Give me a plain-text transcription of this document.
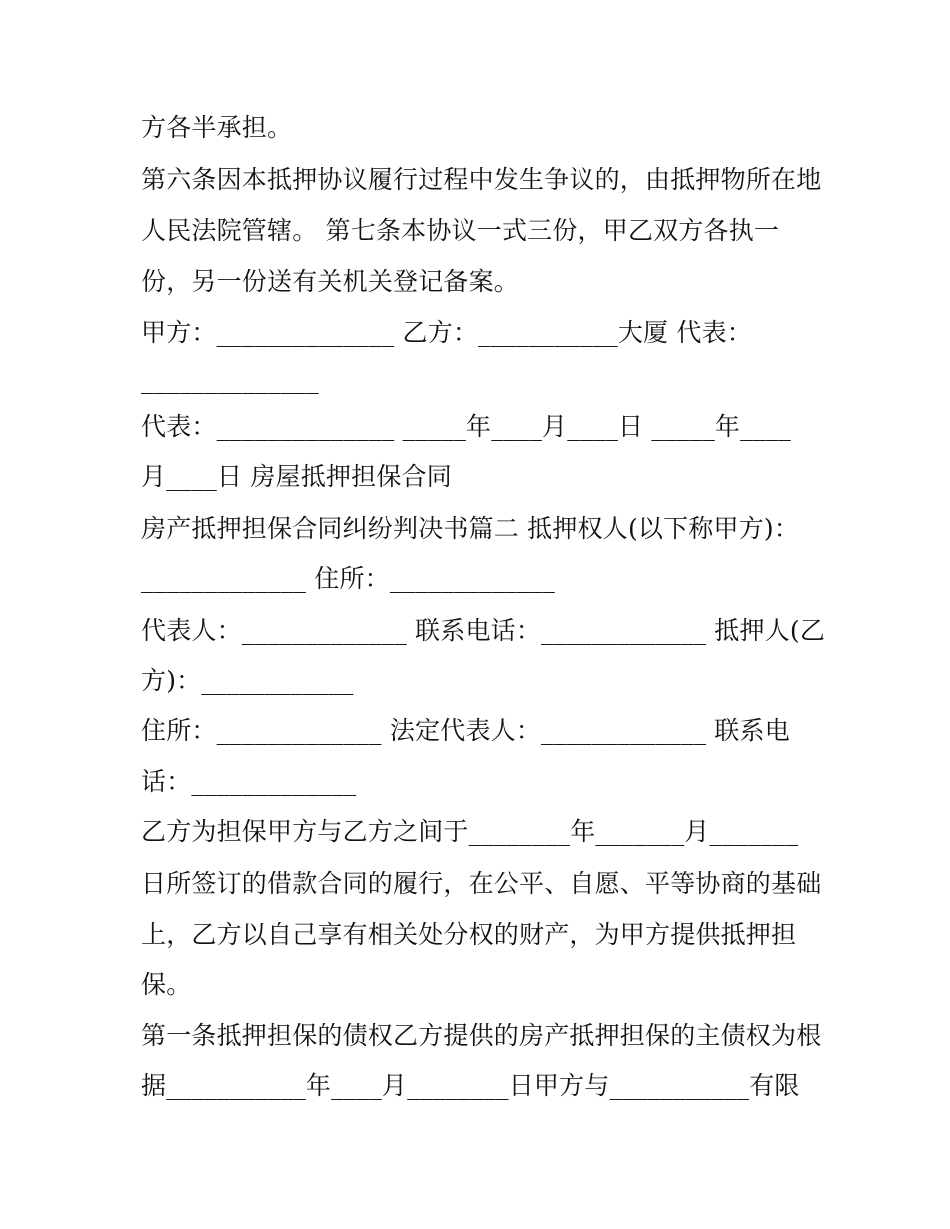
方各半承担。
第六条因本抵押协议履行过程中发生争议的，由抵押物所在地
人民法院管辖。 第七条本协议一式三份，甲乙双方各执一
份，另一份送有关机关登记备案。
甲方：______________ 乙方：___________大厦 代表：
______________
代表：______________ _____年____月____日 _____年____
月____日 房屋抵押担保合同
房产抵押担保合同纠纷判决书篇二 抵押权人(以下称甲方)：
_____________ 住所：_____________
代表人：_____________ 联系电话：_____________ 抵押人(乙
方)：____________
住所：_____________ 法定代表人：_____________ 联系电
话：_____________
乙方为担保甲方与乙方之间于________年_______月_______
日所签订的借款合同的履行，在公平、自愿、平等协商的基础
上，乙方以自己享有相关处分权的财产，为甲方提供抵押担
保。
第一条抵押担保的债权乙方提供的房产抵押担保的主债权为根
据___________年____月________日甲方与___________有限
